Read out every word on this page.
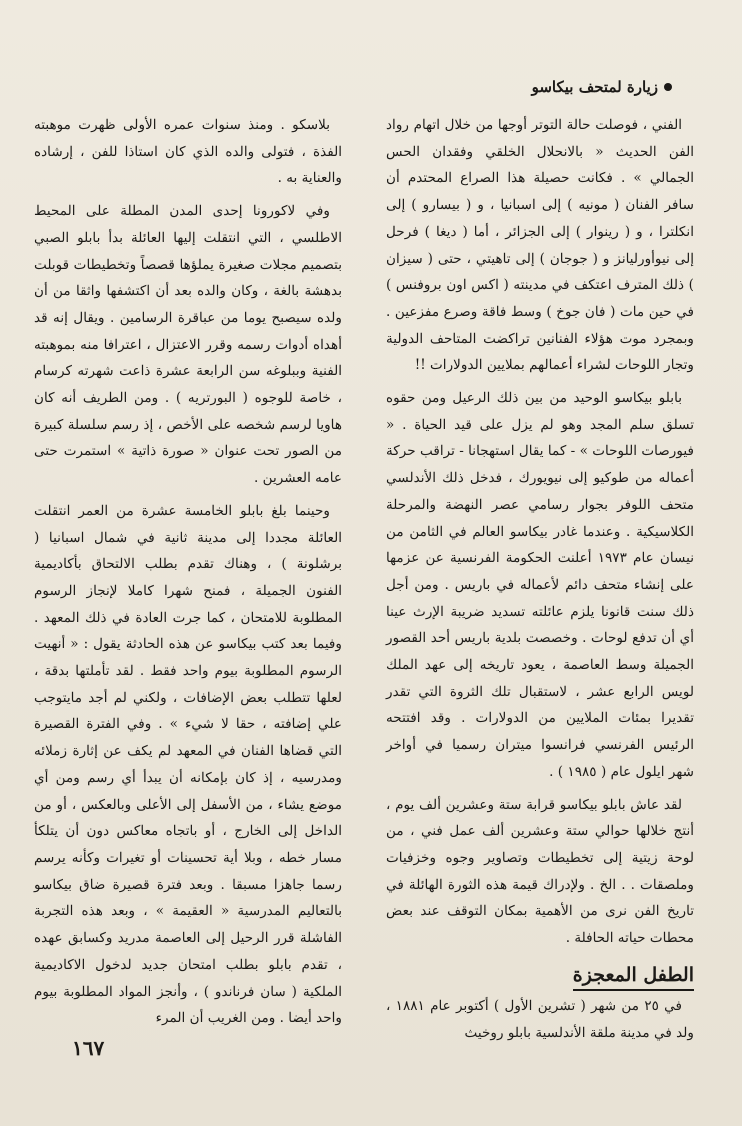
زيارة لمتحف بيكاسو

الفني ، فوصلت حالة التوتر أوجها من خلال اتهام رواد الفن الحديث « بالانحلال الخلقي وفقدان الحس الجمالي » . فكانت حصيلة هذا الصراع المحتدم أن سافر الفنان ( مونيه ) إلى اسبانيا ، و ( بيسارو ) إلى انكلترا ، و ( رينوار ) إلى الجزائر ، أما ( ديغا ) فرحل إلى نيوأورليانز و ( جوجان ) إلى تاهيتي ، حتى ( سيزان ) ذلك المترف اعتكف في مدينته ( اكس اون بروفنس ) في حين مات ( فان جوخ ) وسط فاقة وصرع مفزعين . وبمجرد موت هؤلاء الفنانين تراكضت المتاحف الدولية وتجار اللوحات لشراء أعمالهم بملايين الدولارات !!

بابلو بيكاسو الوحيد من بين ذلك الرعيل ومن حقوه تسلق سلم المجد وهو لم يزل على قيد الحياة . « فيورصات اللوحات » - كما يقال استهجانا - تراقب حركة أعماله من طوكيو إلى نيويورك ، فدخل ذلك الأندلسي متحف اللوفر بجوار رسامي عصر النهضة والمرحلة الكلاسيكية . وعندما غادر بيكاسو العالم في الثامن من نيسان عام ١٩٧٣ أعلنت الحكومة الفرنسية عن عزمها على إنشاء متحف دائم لأعماله في باريس . ومن أجل ذلك سنت قانونا يلزم عائلته تسديد ضريبة الإرث عينا أي أن تدفع لوحات . وخصصت بلدية باريس أحد القصور الجميلة وسط العاصمة ، يعود تاريخه إلى عهد الملك لويس الرابع عشر ، لاستقبال تلك الثروة التي تقدر تقديرا بمئات الملايين من الدولارات . وقد افتتحه الرئيس الفرنسي فرانسوا ميتران رسميا في أواخر شهر ايلول عام ( ١٩٨٥ ) .

لقد عاش بابلو بيكاسو قرابة ستة وعشرين ألف يوم ، أنتج خلالها حوالي ستة وعشرين ألف عمل فني ، من لوحة زيتية إلى تخطيطات وتصاوير وجوه وخزفيات وملصقات . . الخ . ولإدراك قيمة هذه الثورة الهائلة في تاريخ الفن نرى من الأهمية بمكان التوقف عند بعض محطات حياته الحافلة .

الطفل المعجزة

في ٢٥ من شهر ( تشرين الأول ) أكتوبر عام ١٨٨١ ، ولد في مدينة ملقة الأندلسية بابلو روخيث

بلاسكو . ومنذ سنوات عمره الأولى ظهرت موهبته الفذة ، فتولى والده الذي كان استاذا للفن ، إرشاده والعناية به .

وفي لاكورونا إحدى المدن المطلة على المحيط الاطلسي ، التي انتقلت إليها العائلة بدأ بابلو الصبي بتصميم مجلات صغيرة يملؤها قصصاً وتخطيطات قوبلت بدهشة بالغة ، وكان والده بعد أن اكتشفها واثقا من أن ولده سيصبح يوما من عباقرة الرسامين . ويقال إنه قد أهداه أدوات رسمه وقرر الاعتزال ، اعترافا منه بموهبته الفنية وببلوغه سن الرابعة عشرة ذاعت شهرته كرسام ، خاصة للوجوه ( البورتريه ) . ومن الطريف أنه كان هاويا لرسم شخصه على الأخص ، إذ رسم سلسلة كبيرة من الصور تحت عنوان « صورة ذاتية » استمرت حتى عامه العشرين .

وحينما بلغ بابلو الخامسة عشرة من العمر انتقلت العائلة مجددا إلى مدينة ثانية في شمال اسبانيا ( برشلونة ) ، وهناك تقدم بطلب الالتحاق بأكاديمية الفنون الجميلة ، فمنح شهرا كاملا لإنجاز الرسوم المطلوبة للامتحان ، كما جرت العادة في ذلك المعهد . وفيما بعد كتب بيكاسو عن هذه الحادثة يقول : « أنهيت الرسوم المطلوبة بيوم واحد فقط . لقد تأملتها بدقة ، لعلها تتطلب بعض الإضافات ، ولكني لم أجد مايتوجب علي إضافته ، حقا لا شيء » . وفي الفترة القصيرة التي قضاها الفنان في المعهد لم يكف عن إثارة زملائه ومدرسيه ، إذ كان بإمكانه أن يبدأ أي رسم ومن أي موضع يشاء ، من الأسفل إلى الأعلى وبالعكس ، أو من الداخل إلى الخارج ، أو باتجاه معاكس دون أن يتلكأ مسار خطه ، وبلا أية تحسينات أو تغيرات وكأنه يرسم رسما جاهزا مسبقا . وبعد فترة قصيرة ضاق بيكاسو بالتعاليم المدرسية « العقيمة » ، وبعد هذه التجربة الفاشلة قرر الرحيل إلى العاصمة مدريد وكسابق عهده ، تقدم بابلو بطلب امتحان جديد لدخول الاكاديمية الملكية ( سان فرناندو ) ، وأنجز المواد المطلوبة بيوم واحد أيضا . ومن الغريب أن المرء

١٦٧
